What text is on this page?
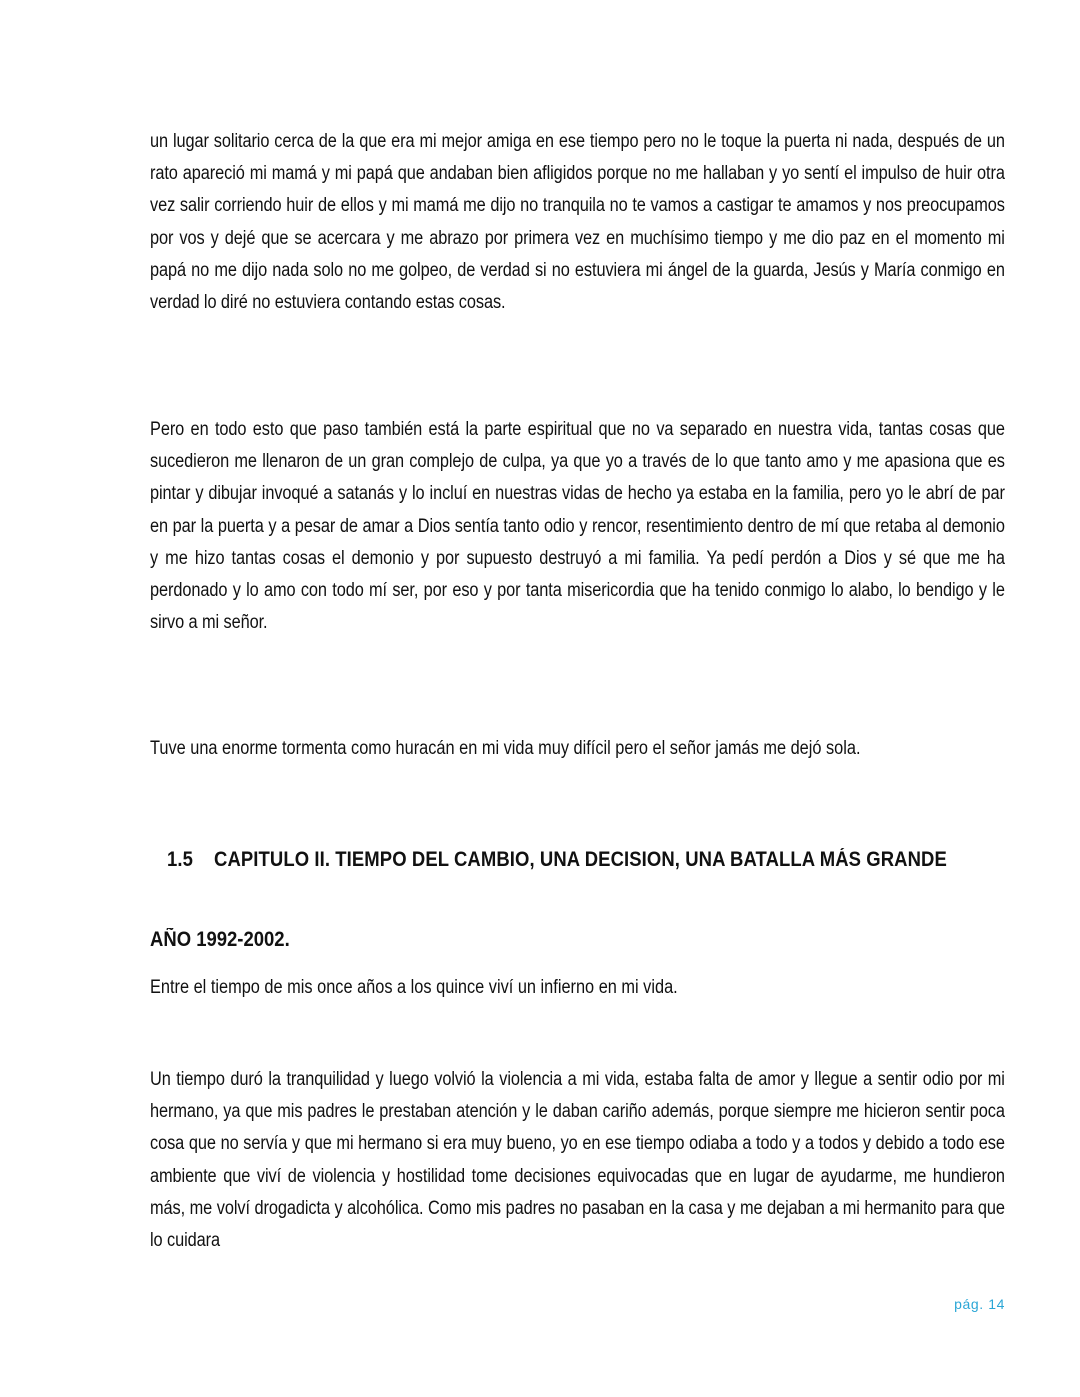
un lugar solitario cerca de la que era mi mejor amiga en ese tiempo pero no le toque la puerta ni nada, después de un rato apareció mi mamá y mi papá que andaban bien afligidos porque no me hallaban y yo sentí el impulso de huir otra vez salir corriendo huir de ellos y mi mamá me dijo no tranquila no te vamos a castigar te amamos y nos preocupamos por vos y dejé que se acercara y me abrazo por primera vez en muchísimo tiempo y me dio paz en el momento mi papá no me dijo nada solo no me golpeo, de verdad si no estuviera mi ángel de la guarda, Jesús y María conmigo en verdad lo diré no estuviera contando estas cosas.

Pero en todo esto que paso también está la parte espiritual que no va separado en nuestra vida, tantas cosas que sucedieron me llenaron de un gran complejo de culpa, ya que yo a través de lo que tanto amo y me apasiona que es pintar y dibujar invoqué a satanás y lo incluí en nuestras vidas de hecho ya estaba en la familia, pero yo le abrí de par en par la puerta y a pesar de amar a Dios sentía tanto odio y rencor, resentimiento dentro de mí que retaba al demonio y me hizo tantas cosas el demonio y por supuesto destruyó a mi familia. Ya pedí perdón a Dios y sé que me ha perdonado y lo amo con todo mí ser, por eso y por tanta misericordia que ha tenido conmigo lo alabo, lo bendigo y le sirvo a mi señor.

Tuve una enorme tormenta como huracán en mi vida muy difícil pero el señor jamás me dejó sola.

1.5 CAPITULO II. TIEMPO DEL CAMBIO, UNA DECISION, UNA BATALLA MÁS GRANDE
AÑO 1992-2002.

Entre el tiempo de mis once años a los quince viví un infierno en mi vida.

Un tiempo duró la tranquilidad y luego volvió la violencia a mi vida, estaba falta de amor y llegue a sentir odio por mi hermano, ya que mis padres le prestaban atención y le daban cariño además, porque siempre me hicieron sentir poca cosa que no servía y que mi hermano si era muy bueno, yo en ese tiempo odiaba a todo y a todos y debido a todo ese ambiente que viví de violencia y hostilidad tome decisiones equivocadas que en lugar de ayudarme, me hundieron más, me volví drogadicta y alcohólica. Como mis padres no pasaban en la casa y me dejaban a mi hermanito para que lo cuidara

pág. 14
